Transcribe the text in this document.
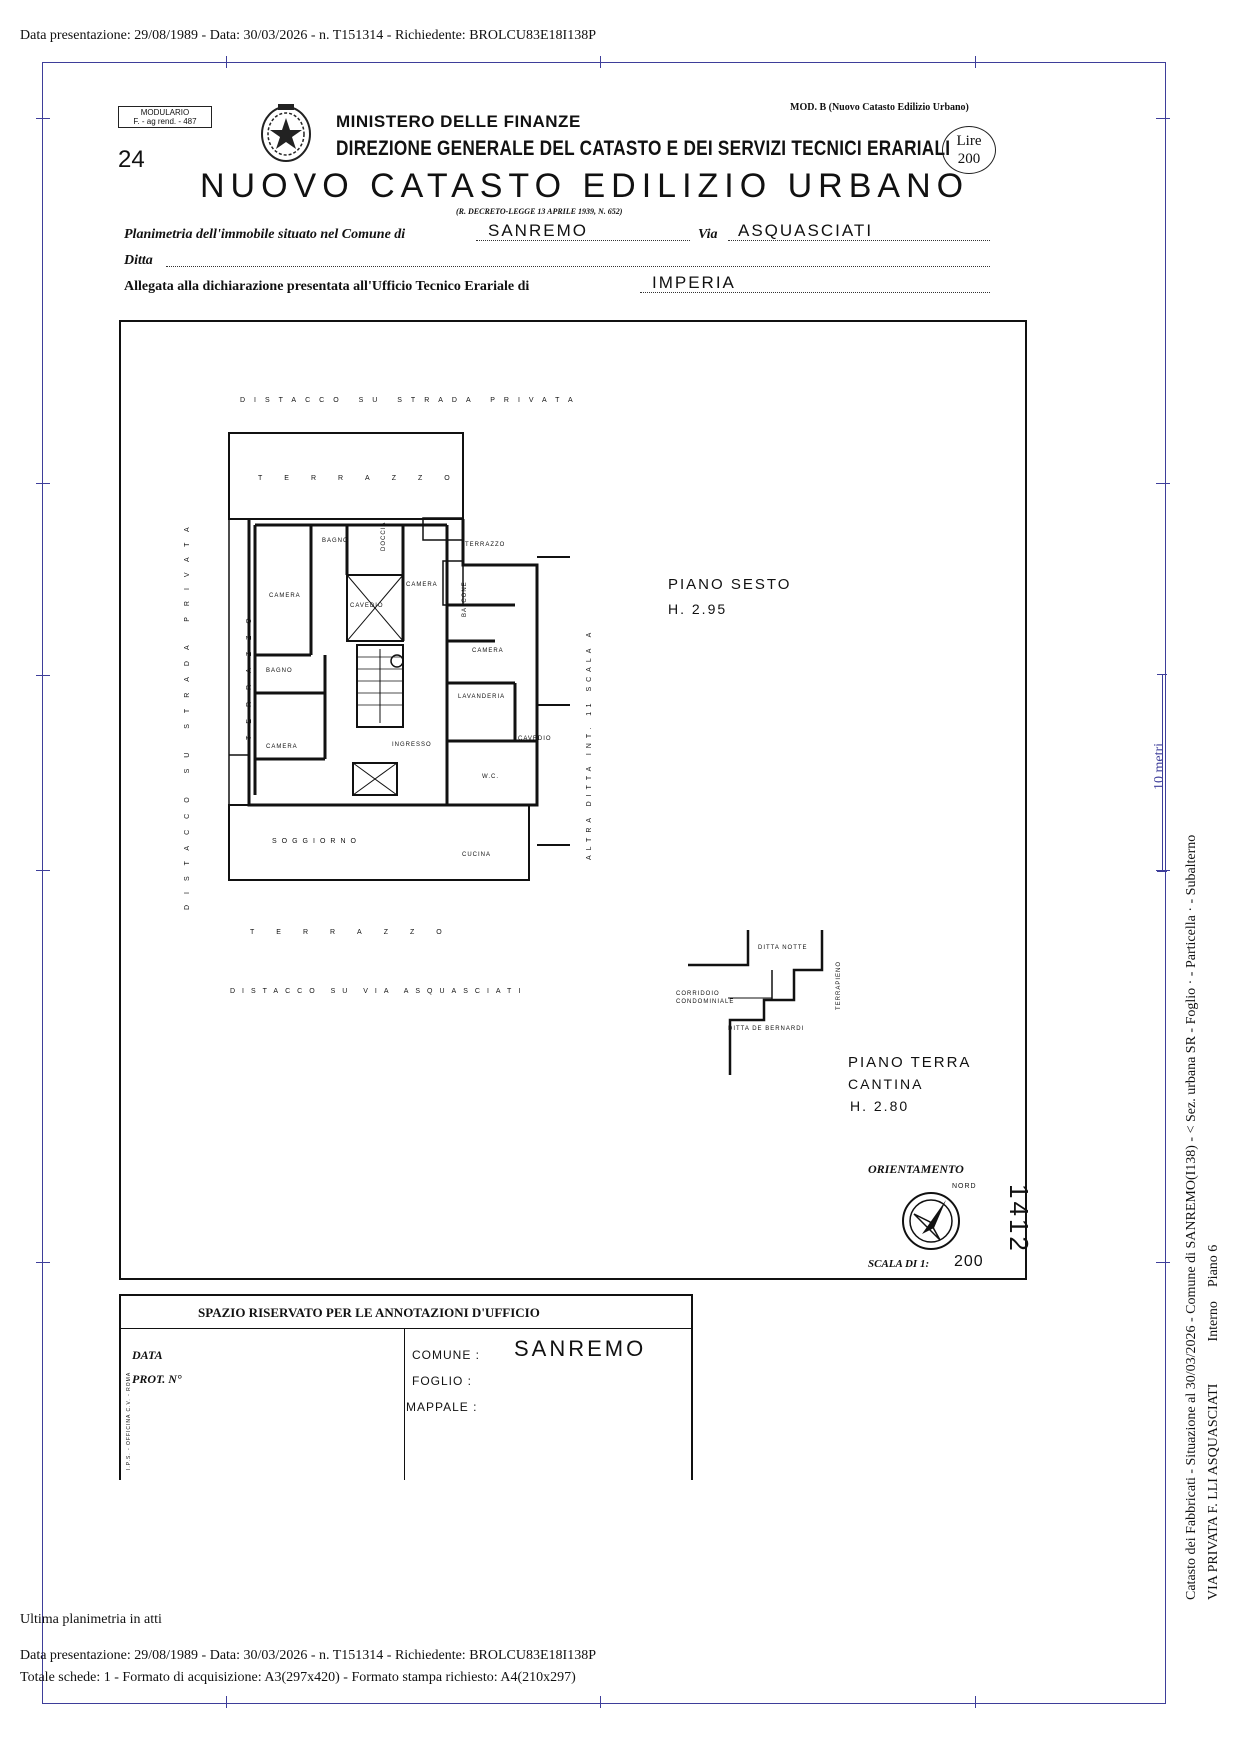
Data presentazione: 29/08/1989 - Data: 30/03/2026 - n. T151314 - Richiedente: BROLCU83E18I138P
MODULARIO
F. - ag rend. - 487
24
MINISTERO DELLE FINANZE
DIREZIONE GENERALE DEL CATASTO E DEI SERVIZI TECNICI ERARIALI
NUOVO CATASTO EDILIZIO URBANO
(R. DECRETO-LEGGE 13 APRILE 1939, N. 652)
MOD. B (Nuovo Catasto Edilizio Urbano)
Lire
200
Planimetria dell'immobile situato nel Comune di	SANREMO	Via ASQUASCIATI
Ditta
Allegata alla dichiarazione presentata all'Ufficio Tecnico Erariale di	IMPERIA
DISTACCO SU STRADA PRIVATA
TERRAZZO
TERRAZZO
DISTACCO SU VIA ASQUASCIATI
DISTACCO SU STRADA PRIVATA	TERRAZZO	ALTRA DITTA INT. 11 SCALA A
BAGNO	DOCCIA	TERRAZZO
CAMERA
CAVEDIO
CAMERA	BALCONE
CAMERA
BAGNO
LAVANDERIA
CAVEDIO
CAMERA	INGRESSO
W.C.
SOGGIORNO
CUCINA
PIANO SESTO
H. 2.95
DITTA NOTTE
CORRIDOIO CONDOMINIALE
DITTA DE BERNARDI
TERRAPIENO
PIANO TERRA
CANTINA
H. 2.80
ORIENTAMENTO
NORD
SCALA DI 1: 200
1412
SPAZIO RISERVATO PER LE ANNOTAZIONI D'UFFICIO
DATA
PROT. N°
COMUNE : SANREMO
FOGLIO :
MAPPALE :
I.P.S. - OFFICINA C.V. - ROMA
10 metri
Catasto dei Fabbricati - Situazione al 30/03/2026 - Comune di SANREMO(I138) - < Sez. urbana SR - Foglio · - Particella · - Subalterno VIA PRIVATA F. LLI ASQUASCIATI            Interno    Piano 6
Ultima planimetria in atti
Data presentazione: 29/08/1989 - Data: 30/03/2026 - n. T151314 - Richiedente: BROLCU83E18I138P
Totale schede: 1 - Formato di acquisizione: A3(297x420) - Formato stampa richiesto: A4(210x297)
